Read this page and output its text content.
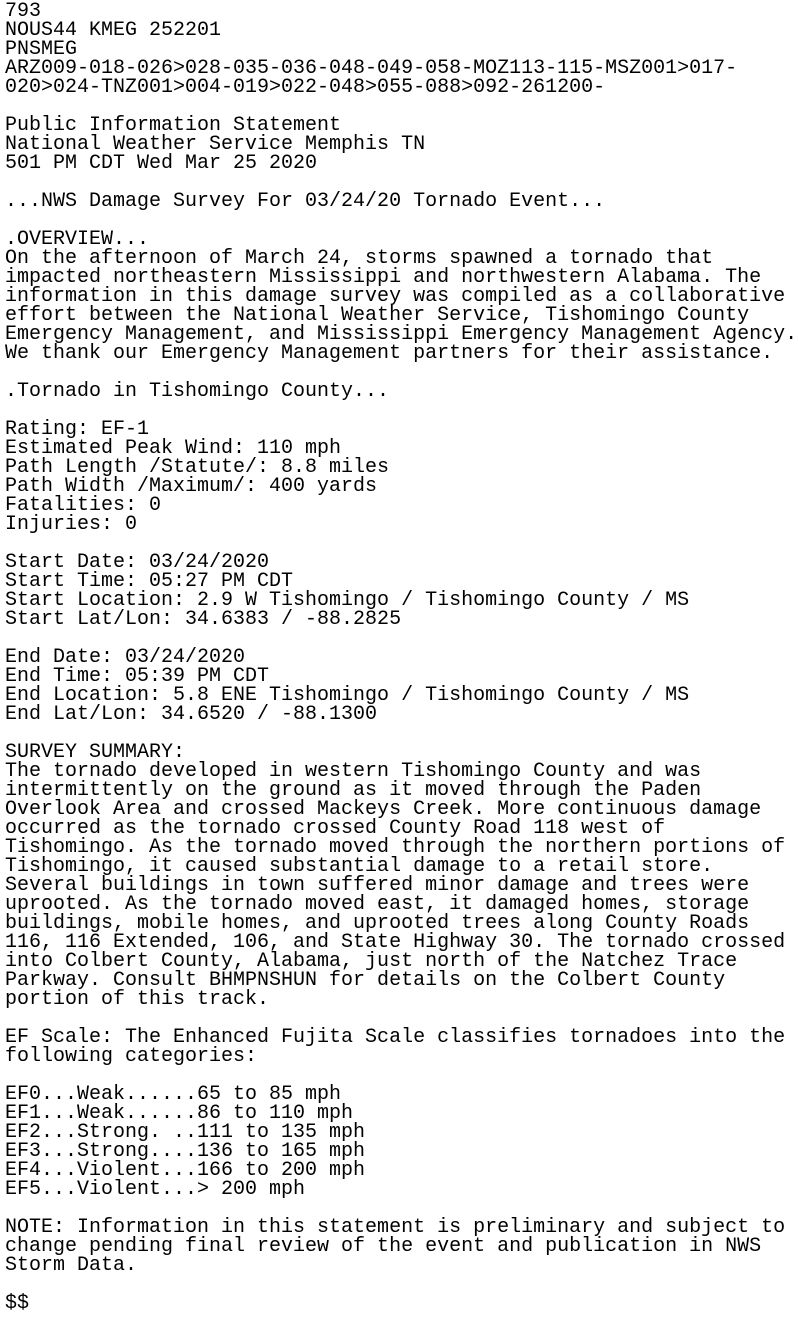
793
NOUS44 KMEG 252201
PNSMEG
ARZ009-018-026>028-035-036-048-049-058-MOZ113-115-MSZ001>017-
020>024-TNZ001>004-019>022-048>055-088>092-261200-
Public Information Statement
National Weather Service Memphis TN
501 PM CDT Wed Mar 25 2020
...NWS Damage Survey For 03/24/20 Tornado Event...
.OVERVIEW...
On the afternoon of March 24, storms spawned a tornado that
impacted northeastern Mississippi and northwestern Alabama. The
information in this damage survey was compiled as a collaborative
effort between the National Weather Service, Tishomingo County
Emergency Management, and Mississippi Emergency Management Agency.
We thank our Emergency Management partners for their assistance.
.Tornado in Tishomingo County...
Rating: EF-1
Estimated Peak Wind: 110 mph
Path Length /Statute/: 8.8 miles
Path Width /Maximum/: 400 yards
Fatalities: 0
Injuries: 0
Start Date: 03/24/2020
Start Time: 05:27 PM CDT
Start Location: 2.9 W Tishomingo / Tishomingo County / MS
Start Lat/Lon: 34.6383 / -88.2825
End Date: 03/24/2020
End Time: 05:39 PM CDT
End Location: 5.8 ENE Tishomingo / Tishomingo County / MS
End Lat/Lon: 34.6520 / -88.1300
SURVEY SUMMARY:
The tornado developed in western Tishomingo County and was
intermittently on the ground as it moved through the Paden
Overlook Area and crossed Mackeys Creek. More continuous damage
occurred as the tornado crossed County Road 118 west of
Tishomingo. As the tornado moved through the northern portions of
Tishomingo, it caused substantial damage to a retail store.
Several buildings in town suffered minor damage and trees were
uprooted. As the tornado moved east, it damaged homes, storage
buildings, mobile homes, and uprooted trees along County Roads
116, 116 Extended, 106, and State Highway 30. The tornado crossed
into Colbert County, Alabama, just north of the Natchez Trace
Parkway. Consult BHMPNSHUN for details on the Colbert County
portion of this track.
EF Scale: The Enhanced Fujita Scale classifies tornadoes into the
following categories:
EF0...Weak......65 to 85 mph
EF1...Weak......86 to 110 mph
EF2...Strong. ..111 to 135 mph
EF3...Strong....136 to 165 mph
EF4...Violent...166 to 200 mph
EF5...Violent...> 200 mph
NOTE: Information in this statement is preliminary and subject to
change pending final review of the event and publication in NWS
Storm Data.
$$
